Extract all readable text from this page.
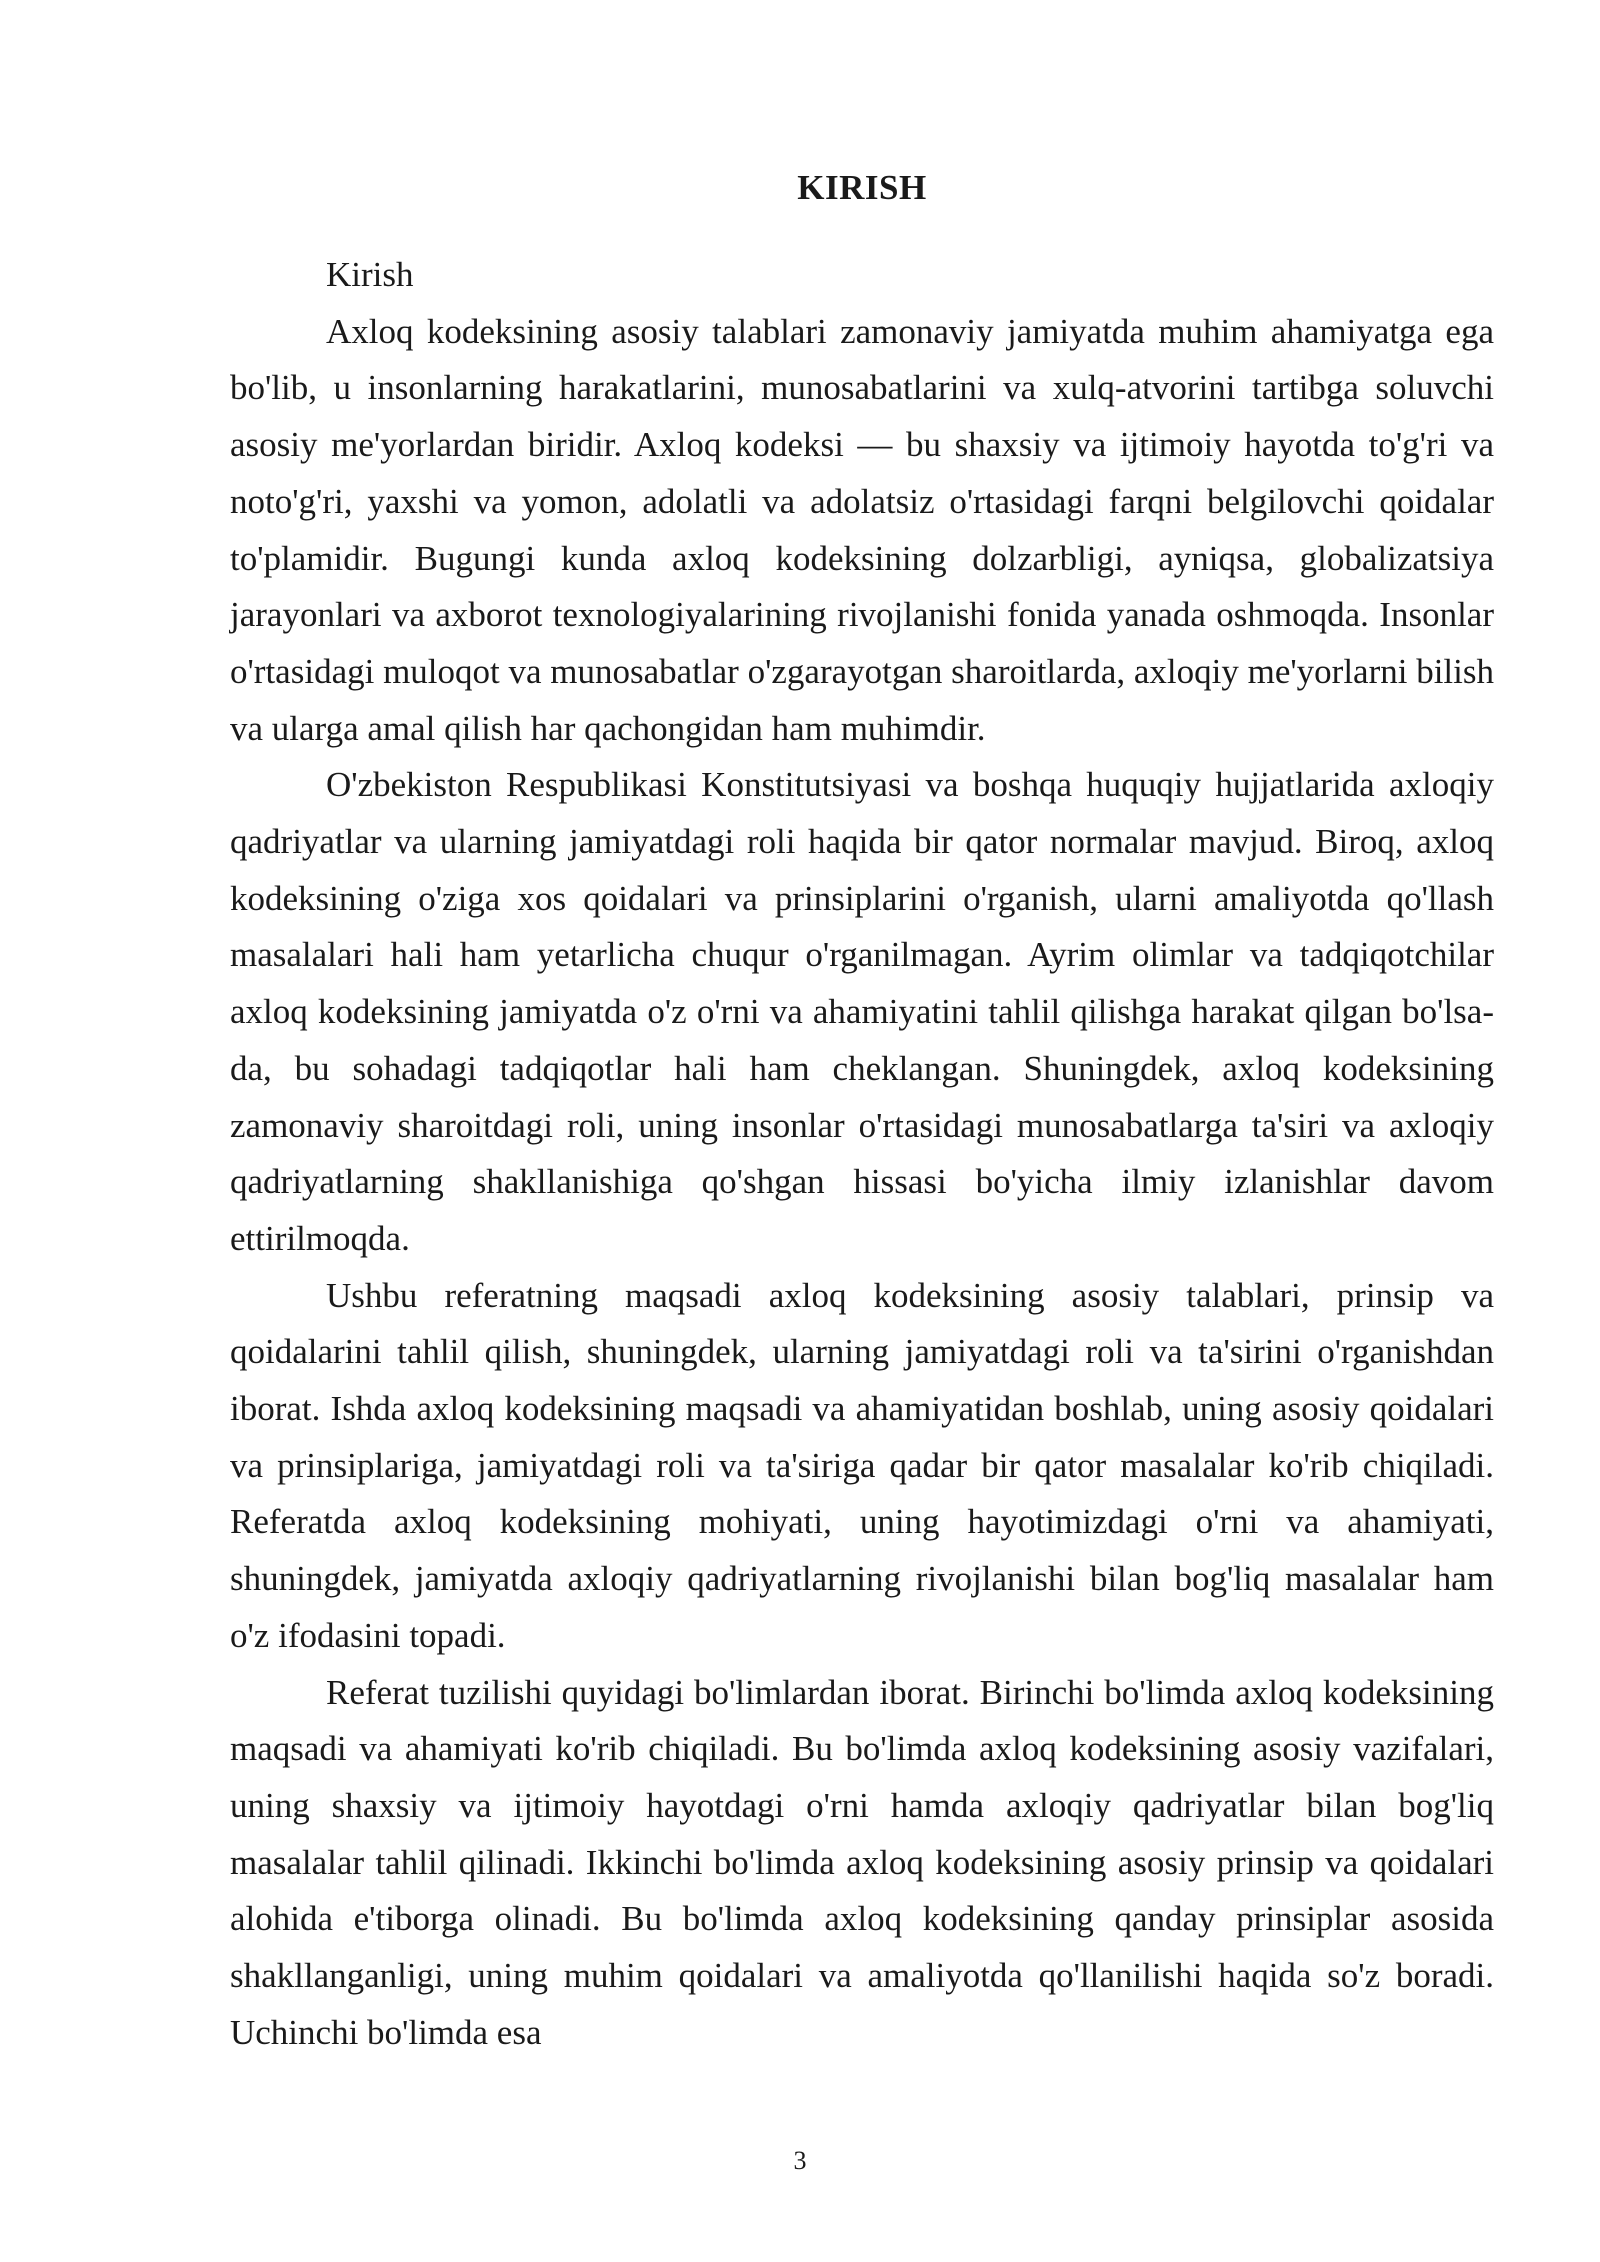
KIRISH

Kirish

Axloq kodeksining asosiy talablari zamonaviy jamiyatda muhim ahamiyatga ega bo'lib, u insonlarning harakatlarini, munosabatlarini va xulq-atvorini tartibga soluvchi asosiy me'yorlardan biridir. Axloq kodeksi — bu shaxsiy va ijtimoiy hayotda to'g'ri va noto'g'ri, yaxshi va yomon, adolatli va adolatsiz o'rtasidagi farqni belgilovchi qoidalar to'plamidir. Bugungi kunda axloq kodeksining dolzarbligi, ayniqsa, globalizatsiya jarayonlari va axborot texnologiyalarining rivojlanishi fonida yanada oshmoqda. Insonlar o'rtasidagi muloqot va munosabatlar o'zgarayotgan sharoitlarda, axloqiy me'yorlarni bilish va ularga amal qilish har qachongidan ham muhimdir.

O'zbekiston Respublikasi Konstitutsiyasi va boshqa huquqiy hujjatlarida axloqiy qadriyatlar va ularning jamiyatdagi roli haqida bir qator normalar mavjud. Biroq, axloq kodeksining o'ziga xos qoidalari va prinsiplarini o'rganish, ularni amaliyotda qo'llash masalalari hali ham yetarlicha chuqur o'rganilmagan. Ayrim olimlar va tadqiqotchilar axloq kodeksining jamiyatda o'z o'rni va ahamiyatini tahlil qilishga harakat qilgan bo'lsa-da, bu sohadagi tadqiqotlar hali ham cheklangan. Shuningdek, axloq kodeksining zamonaviy sharoitdagi roli, uning insonlar o'rtasidagi munosabatlarga ta'siri va axloqiy qadriyatlarning shakllanishiga qo'shgan hissasi bo'yicha ilmiy izlanishlar davom ettirilmoqda.

Ushbu referatning maqsadi axloq kodeksining asosiy talablari, prinsip va qoidalarini tahlil qilish, shuningdek, ularning jamiyatdagi roli va ta'sirini o'rganishdan iborat. Ishda axloq kodeksining maqsadi va ahamiyatidan boshlab, uning asosiy qoidalari va prinsiplariga, jamiyatdagi roli va ta'siriga qadar bir qator masalalar ko'rib chiqiladi. Referatda axloq kodeksining mohiyati, uning hayotimizdagi o'rni va ahamiyati, shuningdek, jamiyatda axloqiy qadriyatlarning rivojlanishi bilan bog'liq masalalar ham o'z ifodasini topadi.

Referat tuzilishi quyidagi bo'limlardan iborat. Birinchi bo'limda axloq kodeksining maqsadi va ahamiyati ko'rib chiqiladi. Bu bo'limda axloq kodeksining asosiy vazifalari, uning shaxsiy va ijtimoiy hayotdagi o'rni hamda axloqiy qadriyatlar bilan bog'liq masalalar tahlil qilinadi. Ikkinchi bo'limda axloq kodeksining asosiy prinsip va qoidalari alohida e'tiborga olinadi. Bu bo'limda axloq kodeksining qanday prinsiplar asosida shakllanganligi, uning muhim qoidalari va amaliyotda qo'llanilishi haqida so'z boradi. Uchinchi bo'limda esa

3
